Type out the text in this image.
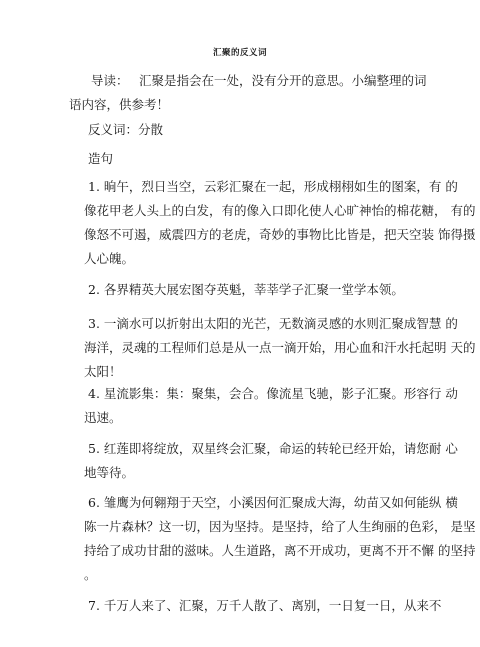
汇聚的反义词
导读： 汇聚是指会在一处，没有分开的意思。小编整理的词
语内容，供参考！
反义词：分散
造句
1. 晌午，烈日当空，云彩汇聚在一起，形成栩栩如生的图案，有 的
像花甲老人头上的白发，有的像入口即化使人心旷神怡的棉花糖， 有的
像怒不可遏，威震四方的老虎，奇妙的事物比比皆是，把天空装 饰得摄
人心魄。
2. 各界精英大展宏图夺英魁，莘莘学子汇聚一堂学本领。
3. 一滴水可以折射出太阳的光芒，无数滴灵感的水则汇聚成智慧 的
海洋，灵魂的工程师们总是从一点一滴开始，用心血和汗水托起明 天的
太阳！
4. 星流影集：集：聚集，会合。像流星飞驰，影子汇聚。形容行 动
迅速。
5. 红莲即将绽放，双星终会汇聚，命运的转轮已经开始，请您耐 心
地等待。
6. 雏鹰为何翱翔于天空，小溪因何汇聚成大海，幼苗又如何能纵 横
陈一片森林？这一切，因为坚持。是坚持，给了人生绚丽的色彩， 是坚
持给了成功甘甜的滋味。人生道路，离不开成功，更离不开不懈 的坚持
。
7. 千万人来了、汇聚，万千人散了、离别，一日复一日，从来不
